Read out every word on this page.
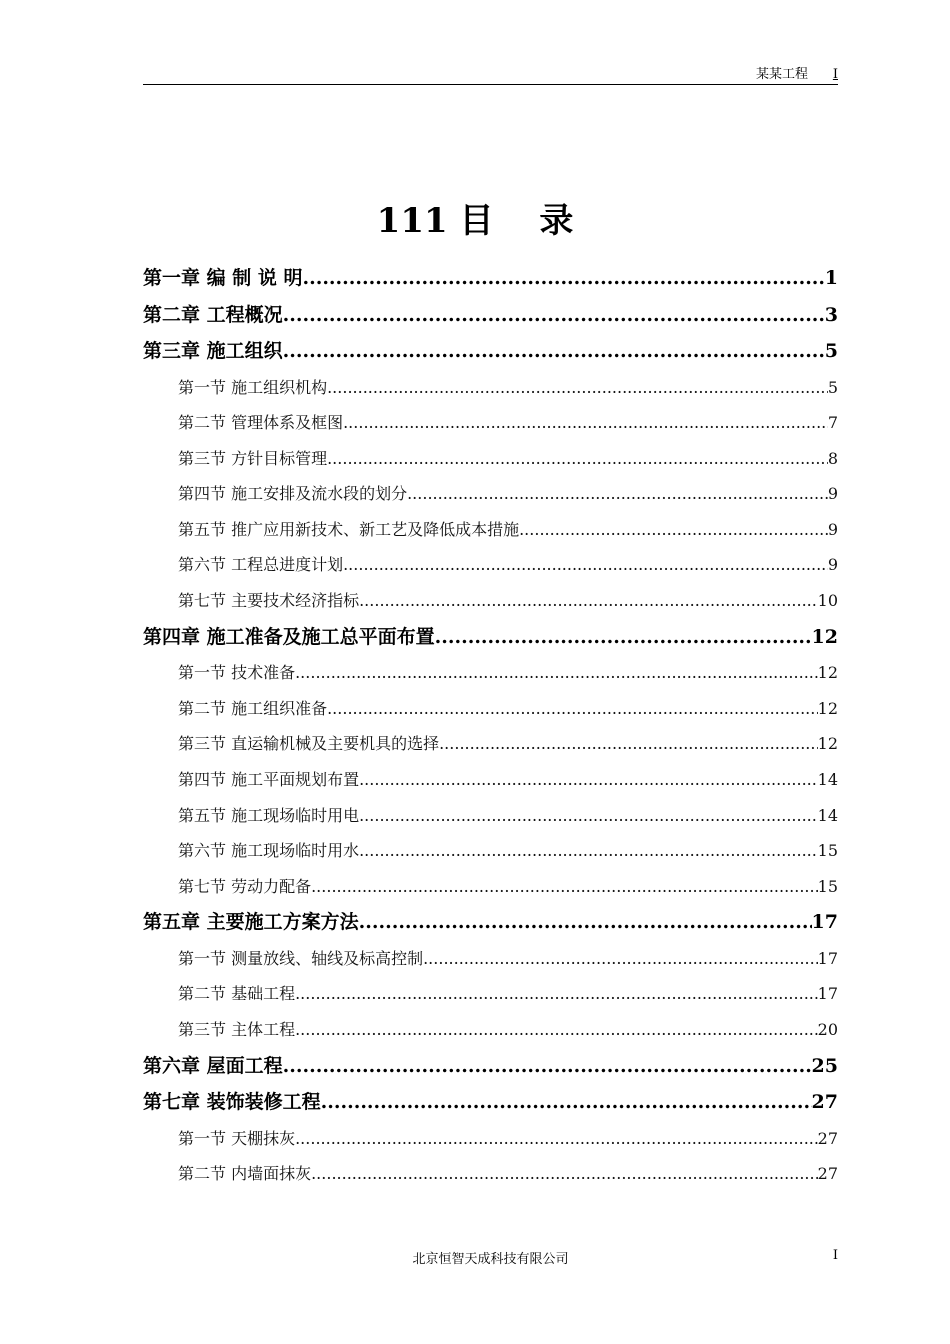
某某工程 I
111 目　 录
第一章 编 制 说 明 .....	1
第二章 工程概况 .....	3
第三章 施工组织 .....	5
第一节 施工组织机构 .....	5
第二节 管理体系及框图 .....	7
第三节 方针目标管理 .....	8
第四节 施工安排及流水段的划分 .....	9
第五节 推广应用新技术、新工艺及降低成本措施 .....	9
第六节 工程总进度计划 .....	9
第七节 主要技术经济指标 .....	10
第四章 施工准备及施工总平面布置 .....	12
第一节 技术准备 .....	12
第二节 施工组织准备 .....	12
第三节 直运输机械及主要机具的选择 .....	12
第四节 施工平面规划布置 .....	14
第五节 施工现场临时用电 .....	14
第六节 施工现场临时用水 .....	15
第七节 劳动力配备 .....	15
第五章 主要施工方案方法 .....	17
第一节 测量放线、轴线及标高控制 .....	17
第二节 基础工程 .....	17
第三节 主体工程 .....	20
第六章 屋面工程 .....	25
第七章 装饰装修工程 .....	27
第一节 天棚抹灰 .....	27
第二节 内墙面抹灰 .....	27
北京恒智天成科技有限公司	I
